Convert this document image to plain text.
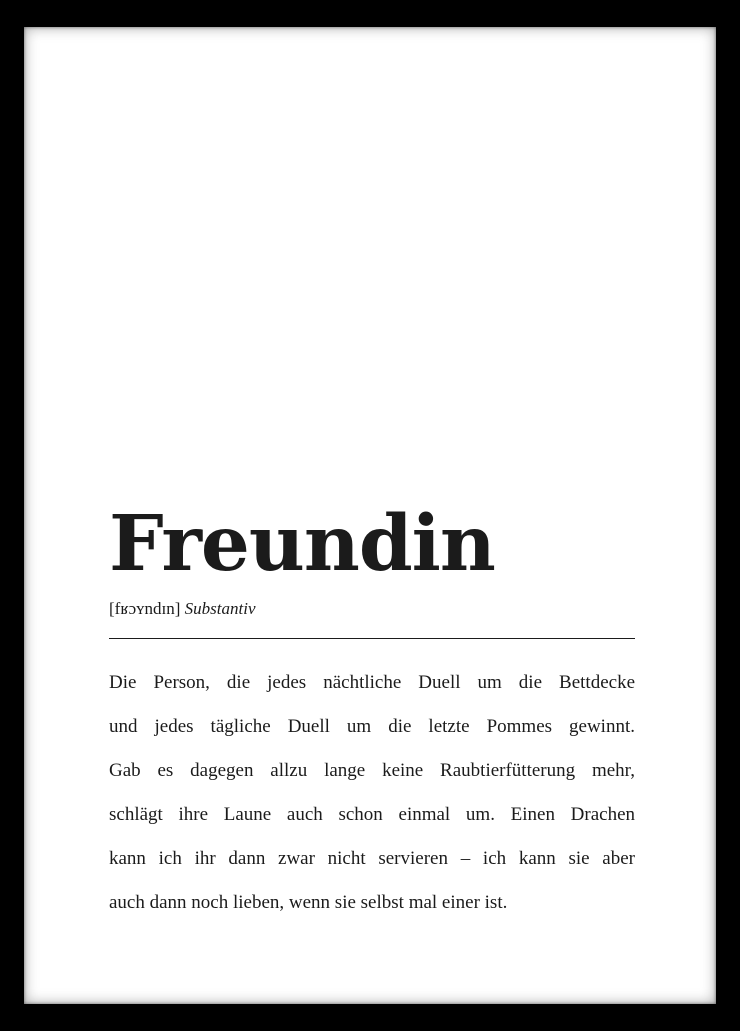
Freundin
[fʁɔʏndɪn] Substantiv
Die Person, die jedes nächtliche Duell um die Bettdecke
und jedes tägliche Duell um die letzte Pommes gewinnt.
Gab es dagegen allzu lange keine Raubtierfütterung mehr,
schlägt ihre Laune auch schon einmal um. Einen Drachen
kann ich ihr dann zwar nicht servieren – ich kann sie aber
auch dann noch lieben, wenn sie selbst mal einer ist.
